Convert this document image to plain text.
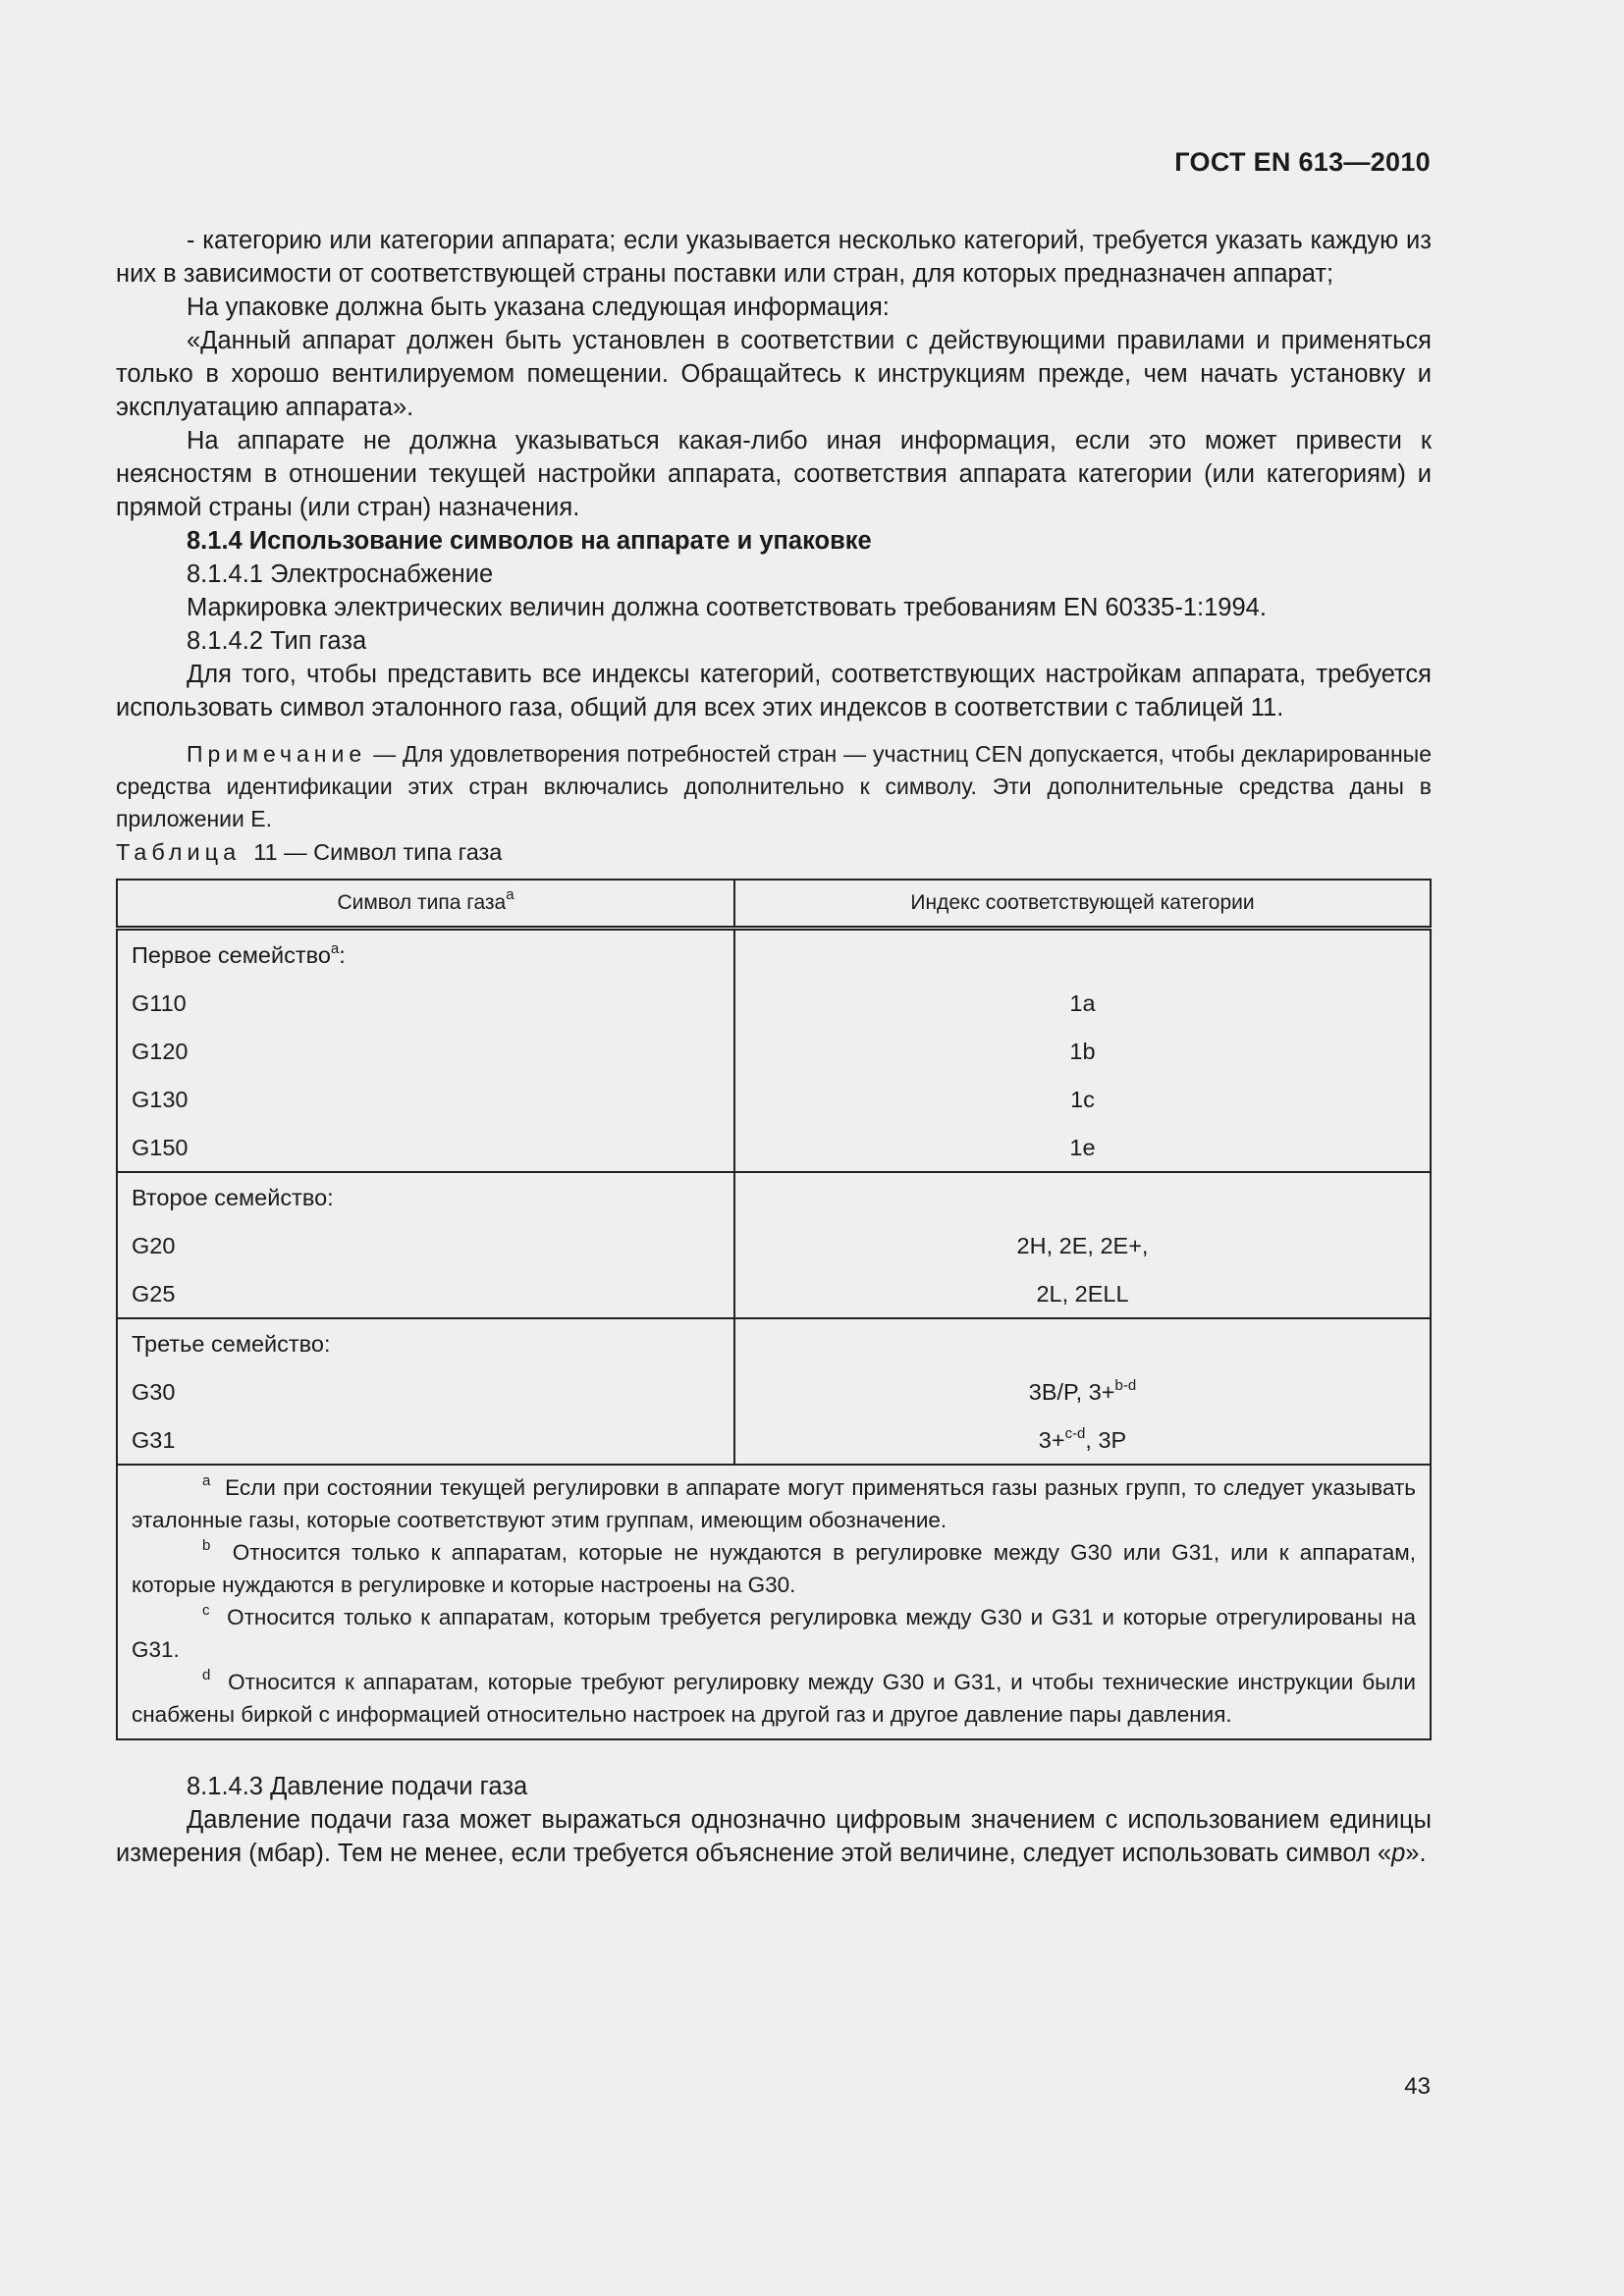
ГОСТ EN 613—2010

- категорию или категории аппарата; если указывается несколько категорий, требуется указать каждую из них в зависимости от соответствующей страны поставки или стран, для которых предназначен аппарат;

На упаковке должна быть указана следующая информация:

«Данный аппарат должен быть установлен в соответствии с действующими правилами и применяться только в хорошо вентилируемом помещении. Обращайтесь к инструкциям прежде, чем начать установку и эксплуатацию аппарата».

На аппарате не должна указываться какая-либо иная информация, если это может привести к неясностям в отношении текущей настройки аппарата, соответствия аппарата категории (или категориям) и прямой страны (или стран) назначения.

8.1.4 Использование символов на аппарате и упаковке

8.1.4.1 Электроснабжение

Маркировка электрических величин должна соответствовать требованиям EN 60335-1:1994.

8.1.4.2 Тип газа

Для того, чтобы представить все индексы категорий, соответствующих настройкам аппарата, требуется использовать символ эталонного газа, общий для всех этих индексов в соответствии с таблицей 11.

Примечание — Для удовлетворения потребностей стран — участниц CEN допускается, чтобы декларированные средства идентификации этих стран включались дополнительно к символу. Эти дополнительные средства даны в приложении Е.

Таблица 11 — Символ типа газа

Символ типа газа$^a$	Индекс соответствующей категории
Первое семейство$^a$:	
G110	1a
G120	1b
G130	1c
G150	1e
Второе семейство:	
G20	2H, 2E, 2E+,
G25	2L, 2ELL
Третье семейство:	
G30	3B/P, 3+$^{b-d}$
G31	3+$^{c-d}$, 3P

$^a$ Если при состоянии текущей регулировки в аппарате могут применяться газы разных групп, то следует указывать эталонные газы, которые соответствуют этим группам, имеющим обозначение.

$^b$ Относится только к аппаратам, которые не нуждаются в регулировке между G30 или G31, или к аппаратам, которые нуждаются в регулировке и которые настроены на G30.

$^c$ Относится только к аппаратам, которым требуется регулировка между G30 и G31 и которые отрегулированы на G31.

$^d$ Относится к аппаратам, которые требуют регулировку между G30 и G31, и чтобы технические инструкции были снабжены биркой с информацией относительно настроек на другой газ и другое давление пары давления.	

8.1.4.3 Давление подачи газа

Давление подачи газа может выражаться однозначно цифровым значением с использованием единицы измерения (мбар). Тем не менее, если требуется объяснение этой величине, следует использовать символ «p».

43
